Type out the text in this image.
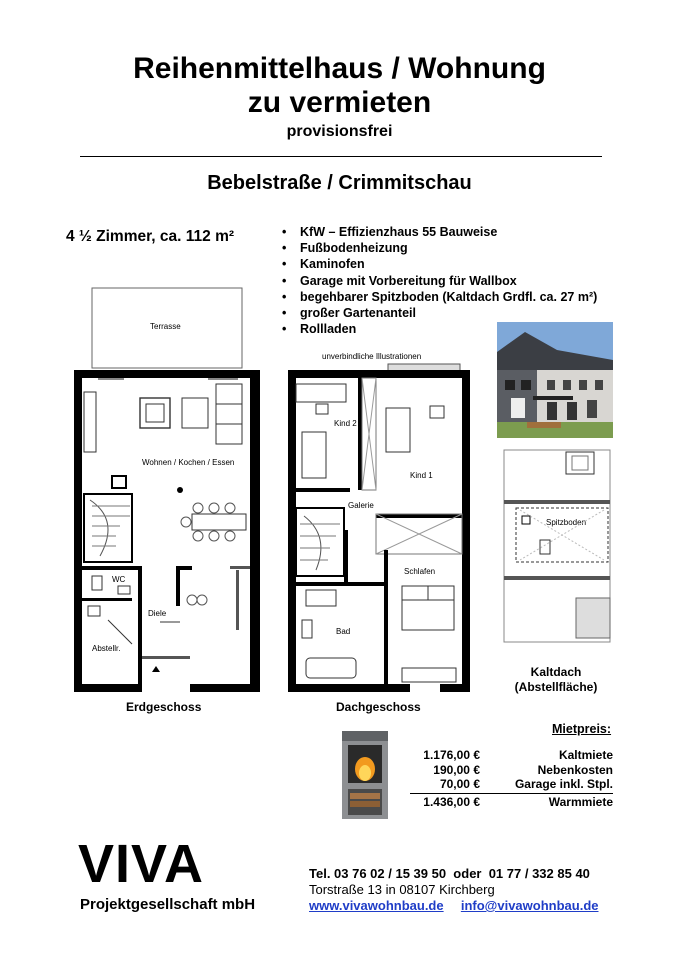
Reihenmittelhaus / Wohnung
zu vermieten
provisionsfrei
Bebelstraße / Crimmitschau
4 ½ Zimmer, ca. 112 m²
•	KfW – Effizienzhaus 55 Bauweise
• Fußbodenheizung
• Kaminofen
• Garage mit Vorbereitung für Wallbox
• begehbarer Spitzboden (Kaltdach Grdfl. ca. 27 m²)
• großer Gartenanteil
• Rollladen
Terrasse
Wohnen / Kochen / Essen
WC
Diele
Abstellr.
unverbindliche Illustrationen
Kind 2
Kind 1
Galerie
Schlafen
Bad
Spitzboden
Erdgeschoss	Dachgeschoss
Kaltdach
(Abstellfläche)
Mietpreis:
1.176,00 €	Kaltmiete
190,00 €	Nebenkosten
70,00 €	Garage inkl. Stpl.
1.436,00 €	Warmmiete
VIVA
Projektgesellschaft mbH
Tel. 03 76 02 / 15 39 50  oder  01 77 / 332 85 40
Torstraße 13 in 08107 Kirchberg
www.vivawohnbau.de info@vivawohnbau.de
